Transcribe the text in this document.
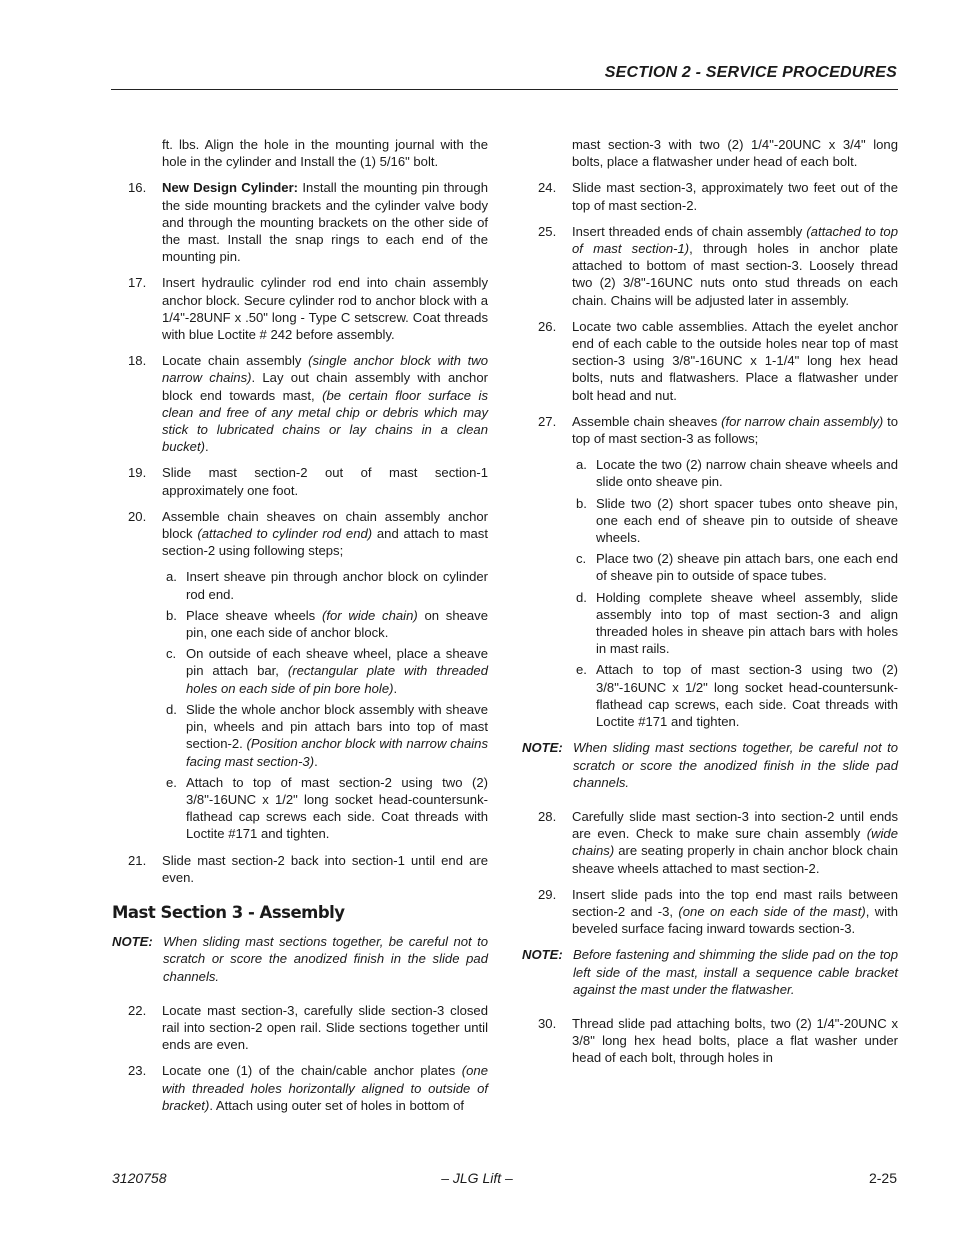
SECTION 2 - SERVICE PROCEDURES
ft. lbs. Align the hole in the mounting journal with the hole in the cylinder and Install the (1) 5/16" bolt.
16. New Design Cylinder: Install the mounting pin through the side mounting brackets and the cylinder valve body and through the mounting brackets on the other side of the mast. Install the snap rings to each end of the mounting pin.
17. Insert hydraulic cylinder rod end into chain assembly anchor block. Secure cylinder rod to anchor block with a 1/4"-28UNF x .50" long - Type C setscrew. Coat threads with blue Loctite # 242 before assembly.
18. Locate chain assembly (single anchor block with two narrow chains). Lay out chain assembly with anchor block end towards mast, (be certain floor surface is clean and free of any metal chip or debris which may stick to lubricated chains or lay chains in a clean bucket).
19. Slide mast section-2 out of mast section-1 approximately one foot.
20. Assemble chain sheaves on chain assembly anchor block (attached to cylinder rod end) and attach to mast section-2 using following steps;
a. Insert sheave pin through anchor block on cylinder rod end.
b. Place sheave wheels (for wide chain) on sheave pin, one each side of anchor block.
c. On outside of each sheave wheel, place a sheave pin attach bar, (rectangular plate with threaded holes on each side of pin bore hole).
d. Slide the whole anchor block assembly with sheave pin, wheels and pin attach bars into top of mast section-2. (Position anchor block with narrow chains facing mast section-3).
e. Attach to top of mast section-2 using two (2) 3/8"-16UNC x 1/2" long socket head-countersunk-flathead cap screws each side. Coat threads with Loctite #171 and tighten.
21. Slide mast section-2 back into section-1 until end are even.
Mast Section 3 - Assembly
NOTE: When sliding mast sections together, be careful not to scratch or score the anodized finish in the slide pad channels.
22. Locate mast section-3, carefully slide section-3 closed rail into section-2 open rail. Slide sections together until ends are even.
23. Locate one (1) of the chain/cable anchor plates (one with threaded holes horizontally aligned to outside of bracket). Attach using outer set of holes in bottom of
mast section-3 with two (2) 1/4"-20UNC x 3/4" long bolts, place a flatwasher under head of each bolt.
24. Slide mast section-3, approximately two feet out of the top of mast section-2.
25. Insert threaded ends of chain assembly (attached to top of mast section-1), through holes in anchor plate attached to bottom of mast section-3. Loosely thread two (2) 3/8"-16UNC nuts onto stud threads on each chain. Chains will be adjusted later in assembly.
26. Locate two cable assemblies. Attach the eyelet anchor end of each cable to the outside holes near top of mast section-3 using 3/8"-16UNC x 1-1/4" long hex head bolts, nuts and flatwashers. Place a flatwasher under bolt head and nut.
27. Assemble chain sheaves (for narrow chain assembly) to top of mast section-3 as follows;
a. Locate the two (2) narrow chain sheave wheels and slide onto sheave pin.
b. Slide two (2) short spacer tubes onto sheave pin, one each end of sheave pin to outside of sheave wheels.
c. Place two (2) sheave pin attach bars, one each end of sheave pin to outside of space tubes.
d. Holding complete sheave wheel assembly, slide assembly into top of mast section-3 and align threaded holes in sheave pin attach bars with holes in mast rails.
e. Attach to top of mast section-3 using two (2) 3/8"-16UNC x 1/2" long socket head-countersunk-flathead cap screws, each side. Coat threads with Loctite #171 and tighten.
NOTE: When sliding mast sections together, be careful not to scratch or score the anodized finish in the slide pad channels.
28. Carefully slide mast section-3 into section-2 until ends are even. Check to make sure chain assembly (wide chains) are seating properly in chain anchor block chain sheave wheels attached to mast section-2.
29. Insert slide pads into the top end mast rails between section-2 and -3, (one on each side of the mast), with beveled surface facing inward towards section-3.
NOTE: Before fastening and shimming the slide pad on the top left side of the mast, install a sequence cable bracket against the mast under the flatwasher.
30. Thread slide pad attaching bolts, two (2) 1/4"-20UNC x 3/8" long hex head bolts, place a flat washer under head of each bolt, through holes in
3120758	– JLG Lift –	2-25
